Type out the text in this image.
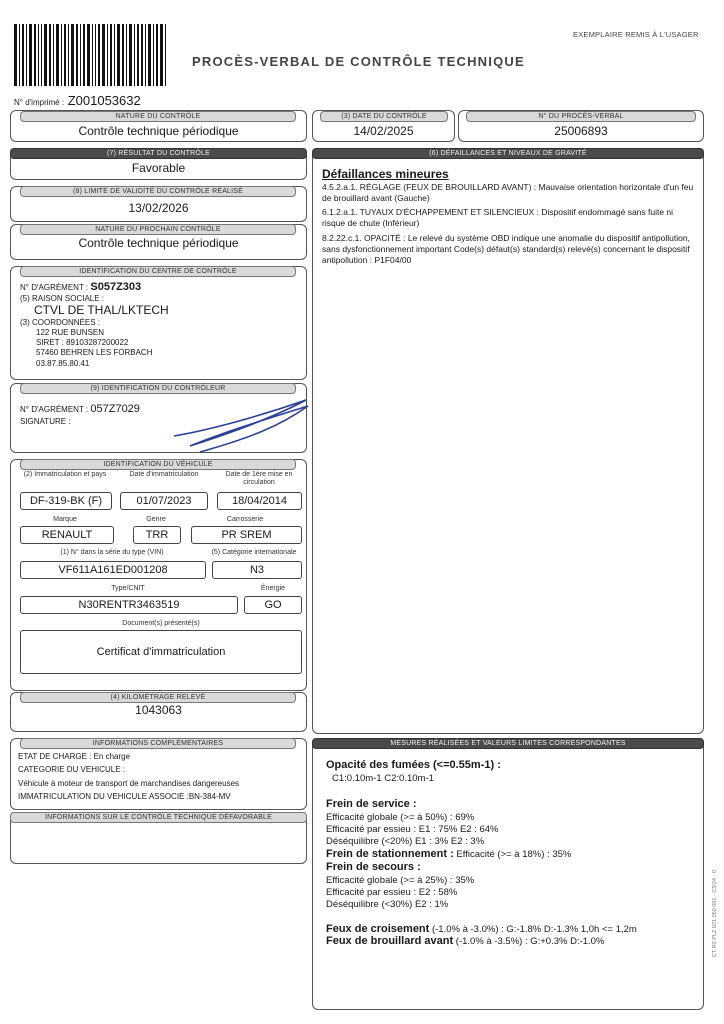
PROCÈS-VERBAL DE CONTRÔLE TECHNIQUE
EXEMPLAIRE REMIS À L'USAGER
N° d'imprimé : Z001053632
NATURE DU CONTRÔLE
Contrôle technique périodique
(3) DATE DU CONTRÔLE
14/02/2025
N° DU PROCÈS-VERBAL
25006893
(7) RÉSULTAT DU CONTRÔLE
Favorable
(8) LIMITE DE VALIDITÉ DU CONTRÔLE RÉALISÉ
13/02/2026
NATURE DU PROCHAIN CONTRÔLE
Contrôle technique périodique
IDENTIFICATION DU CENTRE DE CONTRÔLE
N° D'AGRÉMENT : S057Z303
(5) RAISON SOCIALE :
CTVL DE THAL/LKTECH
(3) COORDONNÉES :
122 RUE BUNSEN
SIRET : 89103287200022
57460 BEHREN LES FORBACH
03.87.85.80.41
(9) IDENTIFICATION DU CONTRÔLEUR
N° D'AGRÉMENT : 057Z7029
SIGNATURE :
IDENTIFICATION DU VÉHICULE
(2) Immatriculation et pays	Date d'immatriculation	Date de 1ère mise en circulation
DF-319-BK (F)	01/07/2023	18/04/2014
Marque	Genre	Carrosserie
RENAULT	TRR	PR SREM
(1) N° dans la série du type (VIN)	(5) Catégorie internationale
VF611A161ED001208	N3
Type/CNIT	Énergie
N30RENTR3463519	GO
Document(s) présenté(s)
Certificat d'immatriculation
(4) KILOMÉTRAGE RELEVÉ
1043063
INFORMATIONS COMPLÉMENTAIRES
ETAT DE CHARGE : En charge
CATEGORIE DU VEHICULE :
Véhicule à moteur de transport de marchandises dangereuses
IMMATRICULATION DU VEHICULE ASSOCIE :BN-384-MV
INFORMATIONS SUR LE CONTRÔLE TECHNIQUE DÉFAVORABLE
(6) DÉFAILLANCES ET NIVEAUX DE GRAVITÉ
Défaillances mineures
4.5.2.a.1. RÉGLAGE (FEUX DE BROUILLARD AVANT) : Mauvaise orientation horizontale d'un feu de brouillard avant (Gauche)
6.1.2.a.1. TUYAUX D'ÉCHAPPEMENT ET SILENCIEUX : Dispositif endommagé sans fuite ni risque de chute (Inférieur)
8.2.22.c.1. OPACITÉ : Le relevé du système OBD indique une anomalie du dispositif antipollution, sans dysfonctionnement important Code(s) défaut(s) standard(s) relevé(s) concernant le dispositif antipollution : P1F04/00
MESURES RÉALISÉES ET VALEURS LIMITES CORRESPONDANTES
Opacité des fumées (<=0.55m-1) :
C1:0.10m-1 C2:0.10m-1
Frein de service :
Efficacité globale (>= à 50%) : 69%
Efficacité par essieu : E1 : 75% E2 : 64%
Déséquilibre (<20%) E1 : 3% E2 : 3%
Frein de stationnement : Efficacité (>= à 18%) : 35%
Frein de secours :
Efficacité globale (>= à 25%) : 35%
Efficacité par essieu : E2 : 58%
Déséquilibre (<30%) E2 : 1%
Feux de croisement (-1.0% à -3.0%) : G:-1.8% D:-1.3% 1,0h <= 1,2m
Feux de brouillard avant (-1.0% à -3.5%) : G:+0.3% D:-1.0%	CT R2 PLZ 021 050 001 - C5/24 - 0
